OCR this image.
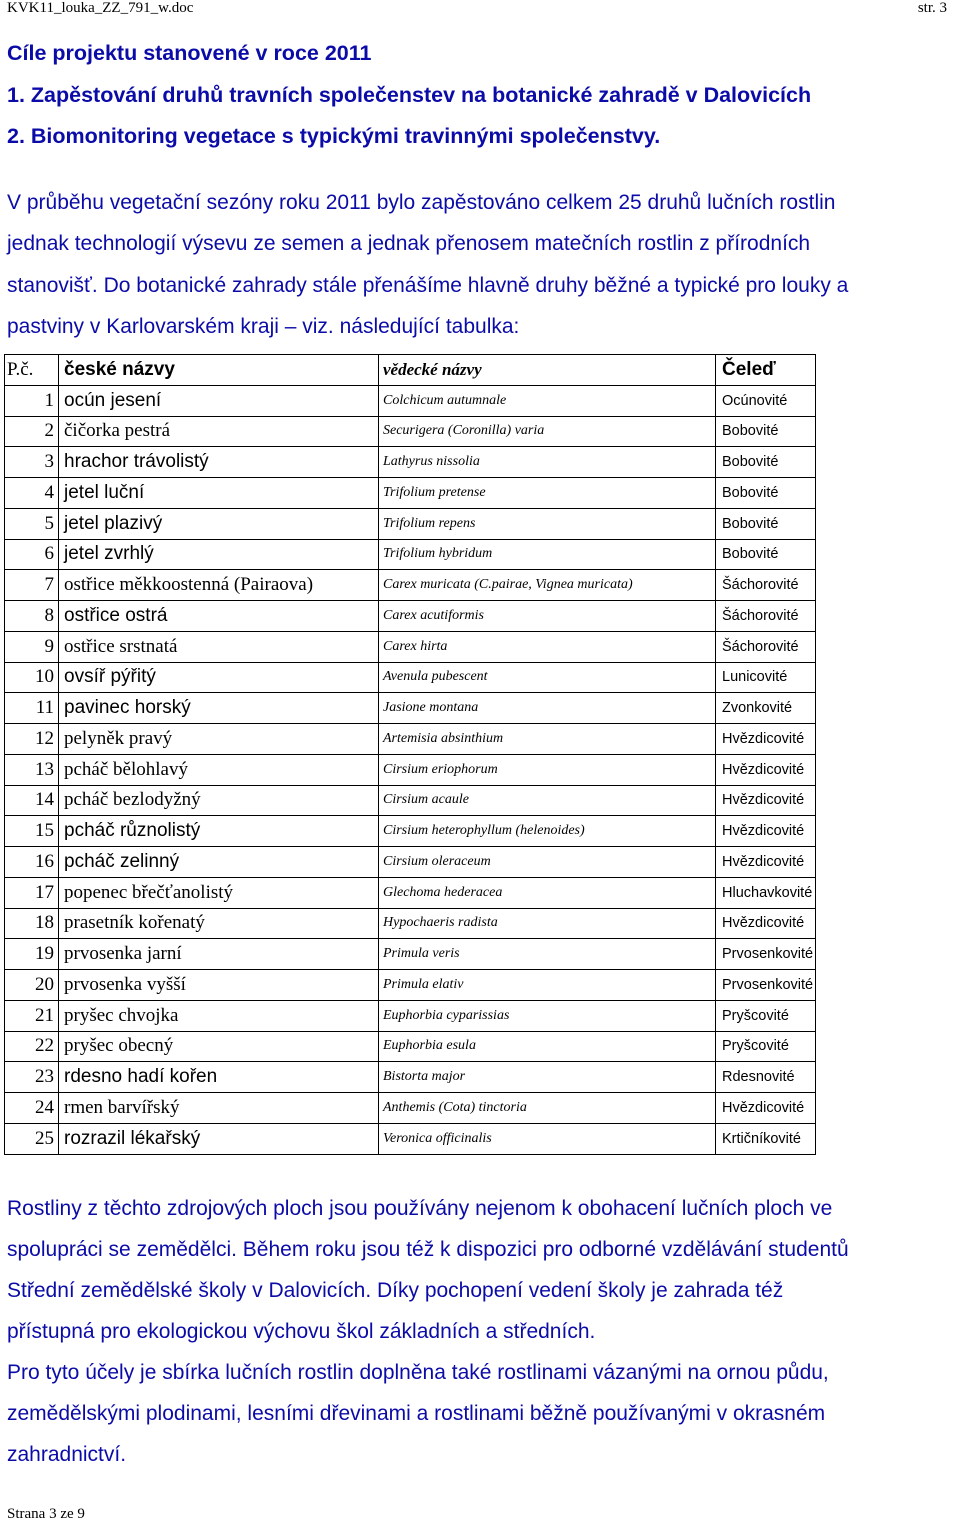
KVK11_louka_ZZ_791_w.doc	str. 3
Cíle projektu stanovené v roce 2011
1. Zapěstování druhů travních společenstev na botanické zahradě v Dalovicích
2. Biomonitoring vegetace s typickými travinnými společenstvy.
V průběhu vegetační sezóny roku 2011 bylo zapěstováno celkem 25 druhů lučních rostlin
jednak technologií výsevu ze semen a jednak přenosem matečních rostlin z přírodních
stanovišť. Do botanické zahrady stále přenášíme hlavně druhy běžné a typické pro louky a
pastviny v Karlovarském kraji – viz. následující tabulka:
P.č.	české názvy	vědecké názvy	Čeleď
1	ocún jesení	Colchicum autumnale	Ocúnovité
2	čičorka pestrá	Securigera (Coronilla) varia	Bobovité
3	hrachor trávolistý	Lathyrus nissolia	Bobovité
4	jetel luční	Trifolium pretense	Bobovité
5	jetel plazivý	Trifolium repens	Bobovité
6	jetel zvrhlý	Trifolium hybridum	Bobovité
7	ostřice měkkoostenná (Pairaova)	Carex muricata (C.pairae, Vignea muricata)	Šáchorovité
8	ostřice ostrá	Carex acutiformis	Šáchorovité
9	ostřice srstnatá	Carex hirta	Šáchorovité
10	ovsíř pýřitý	Avenula pubescent	Lunicovité
11	pavinec horský	Jasione montana	Zvonkovité
12	pelyněk pravý	Artemisia absinthium	Hvězdicovité
13	pcháč bělohlavý	Cirsium eriophorum	Hvězdicovité
14	pcháč bezlodyžný	Cirsium acaule	Hvězdicovité
15	pcháč různolistý	Cirsium heterophyllum (helenoides)	Hvězdicovité
16	pcháč zelinný	Cirsium oleraceum	Hvězdicovité
17	popenec břečťanolistý	Glechoma hederacea	Hluchavkovité
18	prasetník kořenatý	Hypochaeris radista	Hvězdicovité
19	prvosenka jarní	Primula veris	Prvosenkovité
20	prvosenka vyšší	Primula elativ	Prvosenkovité
21	pryšec chvojka	Euphorbia cyparissias	Pryšcovité
22	pryšec obecný	Euphorbia esula	Pryšcovité
23	rdesno hadí kořen	Bistorta major	Rdesnovité
24	rmen barvířský	Anthemis (Cota) tinctoria	Hvězdicovité
25	rozrazil lékařský	Veronica officinalis	Krtičníkovité
Rostliny z těchto zdrojových ploch jsou používány nejenom k obohacení lučních ploch ve
spolupráci se zemědělci. Během roku jsou též k dispozici pro odborné vzdělávání studentů
Střední zemědělské školy v Dalovicích. Díky pochopení vedení školy je zahrada též
přístupná pro ekologickou výchovu škol základních a středních.
Pro tyto účely je sbírka lučních rostlin doplněna také rostlinami vázanými na ornou půdu,
zemědělskými plodinami, lesními dřevinami a rostlinami běžně používanými v okrasném
zahradnictví.
Strana 3 ze 9
